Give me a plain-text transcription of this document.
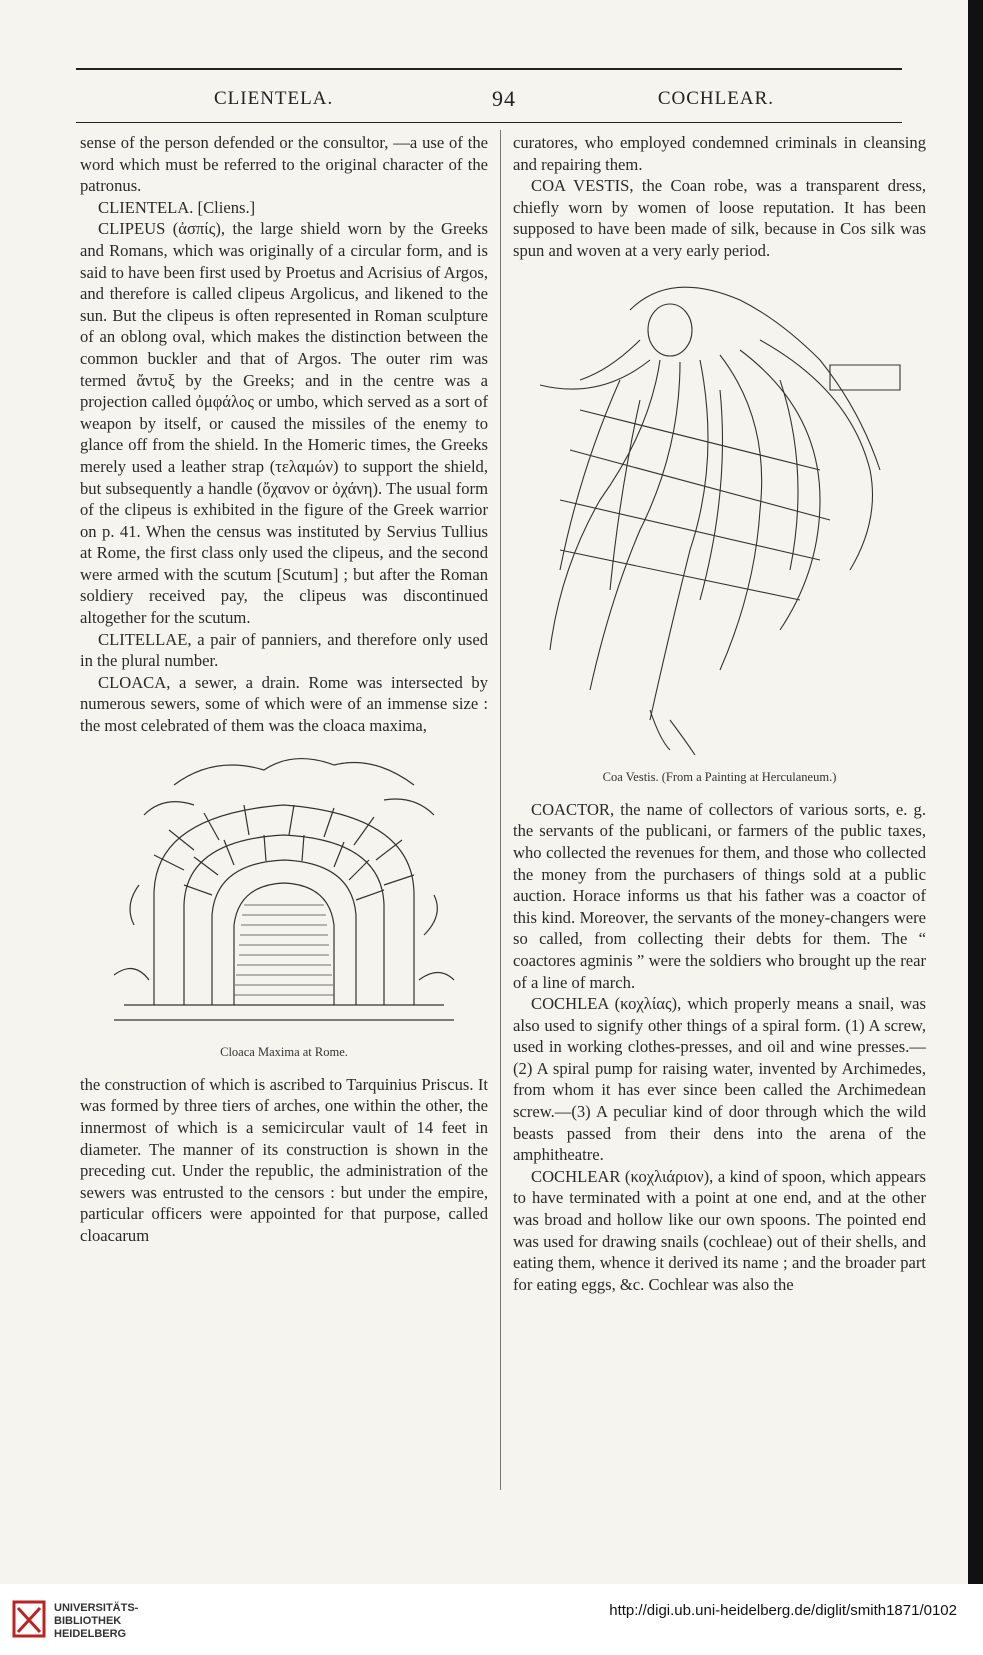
CLIENTELA.	94	COCHLEAR.

sense of the person defended or the consultor, —a use of the word which must be referred to the original character of the patronus.

CLIENTELA. [Cliens.]

CLIPEUS (ἀσπίς), the large shield worn by the Greeks and Romans, which was originally of a circular form, and is said to have been first used by Proetus and Acrisius of Argos, and therefore is called clipeus Argolicus, and likened to the sun. But the clipeus is often represented in Roman sculpture of an oblong oval, which makes the distinction between the common buckler and that of Argos. The outer rim was termed ἄντυξ by the Greeks; and in the centre was a projection called ὀμφάλος or umbo, which served as a sort of weapon by itself, or caused the missiles of the enemy to glance off from the shield. In the Homeric times, the Greeks merely used a leather strap (τελαμών) to support the shield, but subsequently a handle (ὄχανον or ὀχάνη). The usual form of the clipeus is exhibited in the figure of the Greek warrior on p. 41. When the census was instituted by Servius Tullius at Rome, the first class only used the clipeus, and the second were armed with the scutum [Scutum] ; but after the Roman soldiery received pay, the clipeus was discontinued altogether for the scutum.

CLITELLAE, a pair of panniers, and therefore only used in the plural number.

CLOACA, a sewer, a drain. Rome was intersected by numerous sewers, some of which were of an immense size : the most celebrated of them was the cloaca maxima,

Cloaca Maxima at Rome.

the construction of which is ascribed to Tarquinius Priscus. It was formed by three tiers of arches, one within the other, the innermost of which is a semicircular vault of 14 feet in diameter. The manner of its construction is shown in the preceding cut. Under the republic, the administration of the sewers was entrusted to the censors : but under the empire, particular officers were appointed for that purpose, called cloacarum

curatores, who employed condemned criminals in cleansing and repairing them.

COA VESTIS, the Coan robe, was a transparent dress, chiefly worn by women of loose reputation. It has been supposed to have been made of silk, because in Cos silk was spun and woven at a very early period.

Coa Vestis. (From a Painting at Herculaneum.)

COACTOR, the name of collectors of various sorts, e. g. the servants of the publicani, or farmers of the public taxes, who collected the revenues for them, and those who collected the money from the purchasers of things sold at a public auction. Horace informs us that his father was a coactor of this kind. Moreover, the servants of the money-changers were so called, from collecting their debts for them. The “ coactores agminis ” were the soldiers who brought up the rear of a line of march.

COCHLEA (κοχλίας), which properly means a snail, was also used to signify other things of a spiral form. (1) A screw, used in working clothes-presses, and oil and wine presses.—(2) A spiral pump for raising water, invented by Archimedes, from whom it has ever since been called the Archimedean screw.—(3) A peculiar kind of door through which the wild beasts passed from their dens into the arena of the amphitheatre.

COCHLEAR (κοχλιάριον), a kind of spoon, which appears to have terminated with a point at one end, and at the other was broad and hollow like our own spoons. The pointed end was used for drawing snails (cochleae) out of their shells, and eating them, whence it derived its name ; and the broader part for eating eggs, &c. Cochlear was also the

UNIVERSITÄTS-
BIBLIOTHEK
HEIDELBERG
http://digi.ub.uni-heidelberg.de/diglit/smith1871/0102
